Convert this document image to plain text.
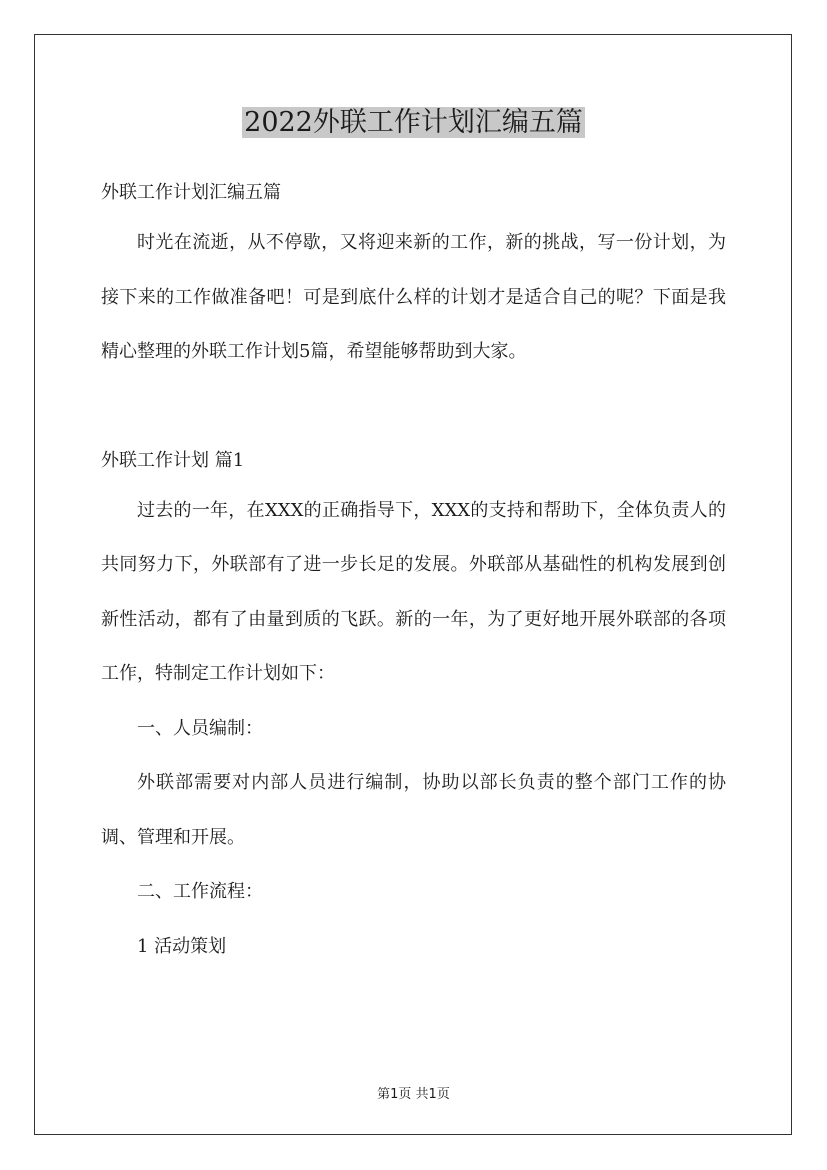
2022外联工作计划汇编五篇
外联工作计划汇编五篇

时光在流逝，从不停歇，又将迎来新的工作，新的挑战，写一份计划，为接下来的工作做准备吧！可是到底什么样的计划才是适合自己的呢？下面是我精心整理的外联工作计划5篇，希望能够帮助到大家。

外联工作计划 篇1

过去的一年，在XXX的正确指导下，XXX的支持和帮助下，全体负责人的共同努力下，外联部有了进一步长足的发展。外联部从基础性的机构发展到创新性活动，都有了由量到质的飞跃。新的一年，为了更好地开展外联部的各项工作，特制定工作计划如下：

一、人员编制：

外联部需要对内部人员进行编制，协助以部长负责的整个部门工作的协调、管理和开展。

二、工作流程：

1 活动策划

第1页 共1页
